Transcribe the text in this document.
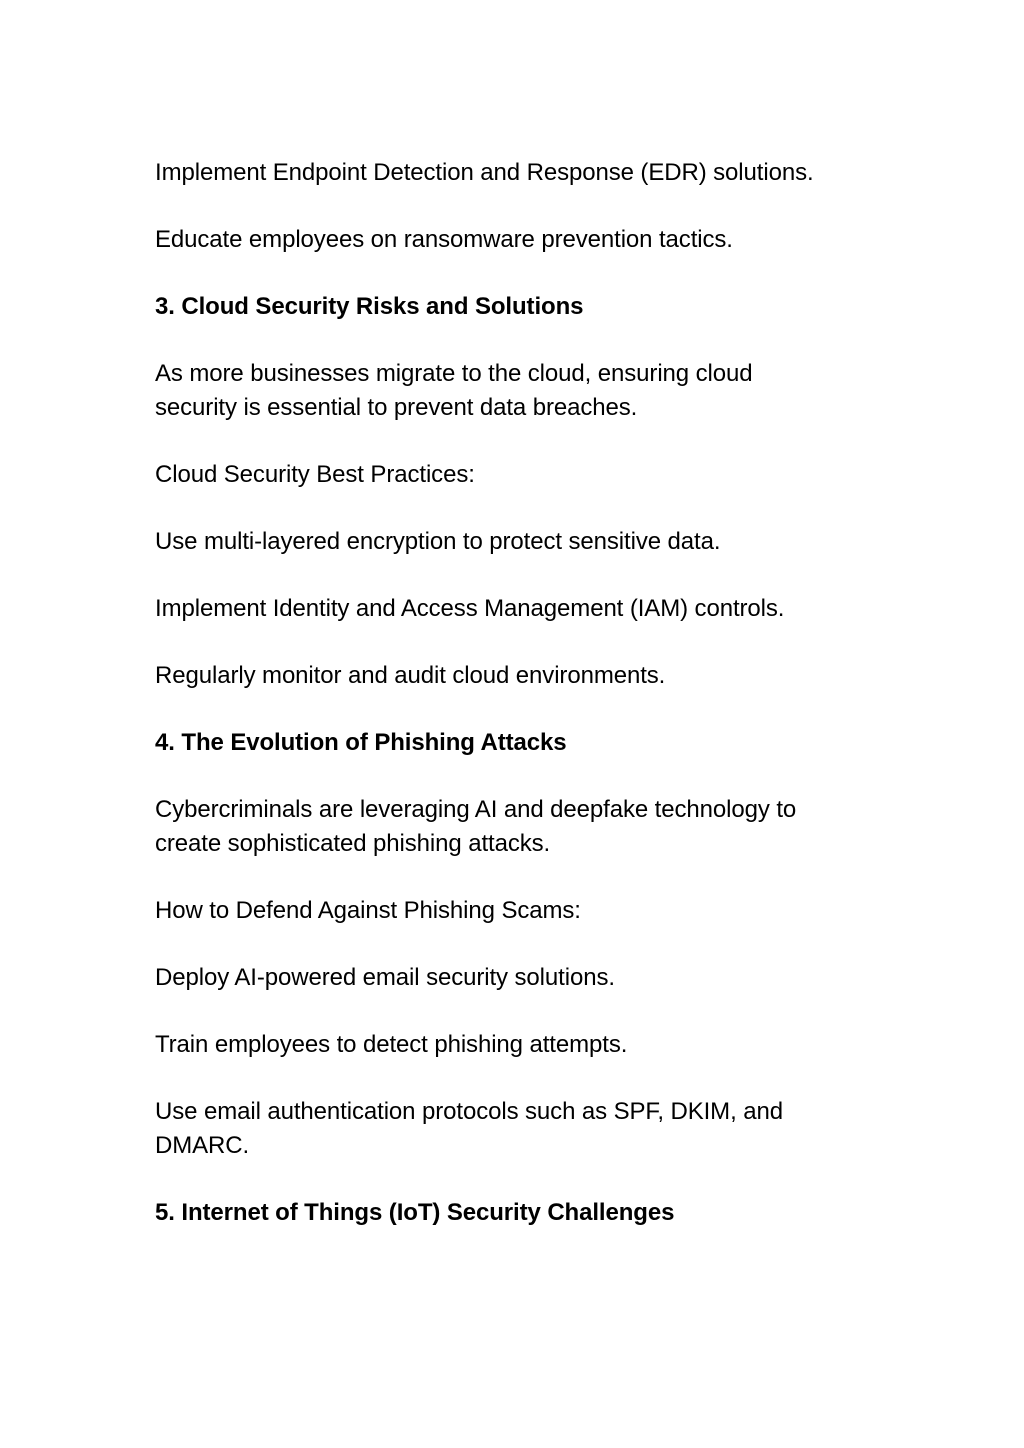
Implement Endpoint Detection and Response (EDR) solutions.

Educate employees on ransomware prevention tactics.

3. Cloud Security Risks and Solutions

As more businesses migrate to the cloud, ensuring cloud security is essential to prevent data breaches.

Cloud Security Best Practices:

Use multi-layered encryption to protect sensitive data.

Implement Identity and Access Management (IAM) controls.

Regularly monitor and audit cloud environments.

4. The Evolution of Phishing Attacks

Cybercriminals are leveraging AI and deepfake technology to create sophisticated phishing attacks.

How to Defend Against Phishing Scams:

Deploy AI-powered email security solutions.

Train employees to detect phishing attempts.

Use email authentication protocols such as SPF, DKIM, and DMARC.

5. Internet of Things (IoT) Security Challenges
